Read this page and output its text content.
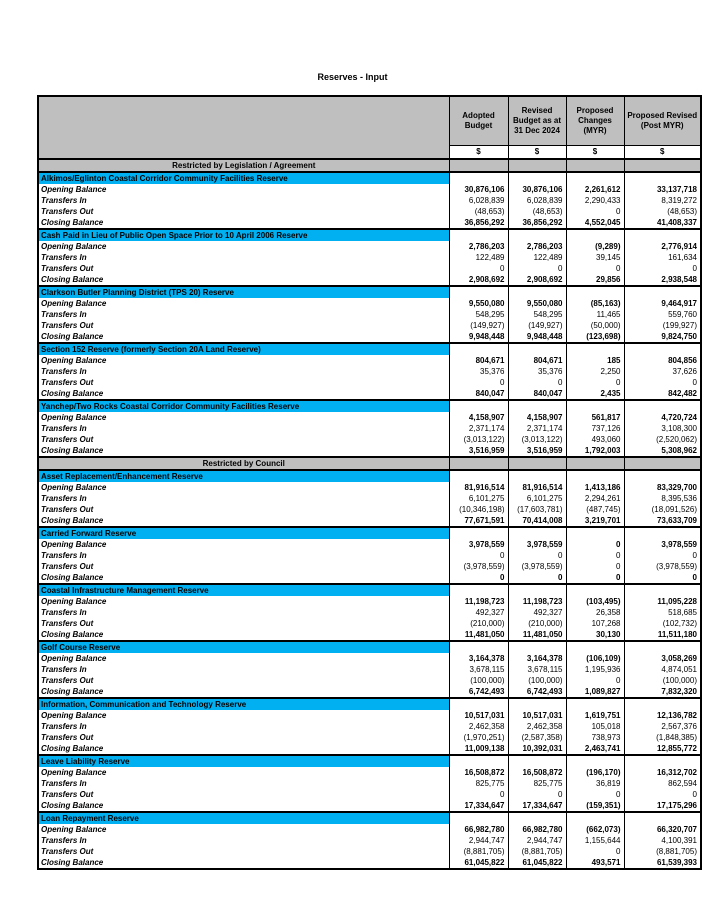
Reserves - Input
	Adopted Budget	Revised Budget as at 31 Dec 2024	Proposed Changes (MYR)	Proposed Revised (Post MYR)
	$	$	$	$
Restricted by Legislation / Agreement				
Alkimos/Eglinton Coastal Corridor Community Facilities Reserve				
Opening Balance	30,876,106	30,876,106	2,261,612	33,137,718
Transfers In	6,028,839	6,028,839	2,290,433	8,319,272
Transfers Out	(48,653)	(48,653)	0	(48,653)
Closing Balance	36,856,292	36,856,292	4,552,045	41,408,337
Cash Paid in Lieu of Public Open Space Prior to 10 April 2006 Reserve				
Opening Balance	2,786,203	2,786,203	(9,289)	2,776,914
Transfers In	122,489	122,489	39,145	161,634
Transfers Out	0	0	0	0
Closing Balance	2,908,692	2,908,692	29,856	2,938,548
Clarkson Butler Planning District (TPS 20) Reserve				
Opening Balance	9,550,080	9,550,080	(85,163)	9,464,917
Transfers In	548,295	548,295	11,465	559,760
Transfers Out	(149,927)	(149,927)	(50,000)	(199,927)
Closing Balance	9,948,448	9,948,448	(123,698)	9,824,750
Section 152 Reserve (formerly Section 20A Land Reserve)				
Opening Balance	804,671	804,671	185	804,856
Transfers In	35,376	35,376	2,250	37,626
Transfers Out	0	0	0	0
Closing Balance	840,047	840,047	2,435	842,482
Yanchep/Two Rocks Coastal Corridor Community Facilities Reserve				
Opening Balance	4,158,907	4,158,907	561,817	4,720,724
Transfers In	2,371,174	2,371,174	737,126	3,108,300
Transfers Out	(3,013,122)	(3,013,122)	493,060	(2,520,062)
Closing Balance	3,516,959	3,516,959	1,792,003	5,308,962
Restricted by Council				
Asset Replacement/Enhancement Reserve				
Opening Balance	81,916,514	81,916,514	1,413,186	83,329,700
Transfers In	6,101,275	6,101,275	2,294,261	8,395,536
Transfers Out	(10,346,198)	(17,603,781)	(487,745)	(18,091,526)
Closing Balance	77,671,591	70,414,008	3,219,701	73,633,709
Carried Forward Reserve				
Opening Balance	3,978,559	3,978,559	0	3,978,559
Transfers In	0	0	0	0
Transfers Out	(3,978,559)	(3,978,559)	0	(3,978,559)
Closing Balance	0	0	0	0
Coastal Infrastructure Management Reserve				
Opening Balance	11,198,723	11,198,723	(103,495)	11,095,228
Transfers In	492,327	492,327	26,358	518,685
Transfers Out	(210,000)	(210,000)	107,268	(102,732)
Closing Balance	11,481,050	11,481,050	30,130	11,511,180
Golf Course Reserve				
Opening Balance	3,164,378	3,164,378	(106,109)	3,058,269
Transfers In	3,678,115	3,678,115	1,195,936	4,874,051
Transfers Out	(100,000)	(100,000)	0	(100,000)
Closing Balance	6,742,493	6,742,493	1,089,827	7,832,320
Information, Communication and Technology Reserve				
Opening Balance	10,517,031	10,517,031	1,619,751	12,136,782
Transfers In	2,462,358	2,462,358	105,018	2,567,376
Transfers Out	(1,970,251)	(2,587,358)	738,973	(1,848,385)
Closing Balance	11,009,138	10,392,031	2,463,741	12,855,772
Leave Liability Reserve				
Opening Balance	16,508,872	16,508,872	(196,170)	16,312,702
Transfers In	825,775	825,775	36,819	862,594
Transfers Out	0	0	0	0
Closing Balance	17,334,647	17,334,647	(159,351)	17,175,296
Loan Repayment Reserve				
Opening Balance	66,982,780	66,982,780	(662,073)	66,320,707
Transfers In	2,944,747	2,944,747	1,155,644	4,100,391
Transfers Out	(8,881,705)	(8,881,705)	0	(8,881,705)
Closing Balance	61,045,822	61,045,822	493,571	61,539,393
